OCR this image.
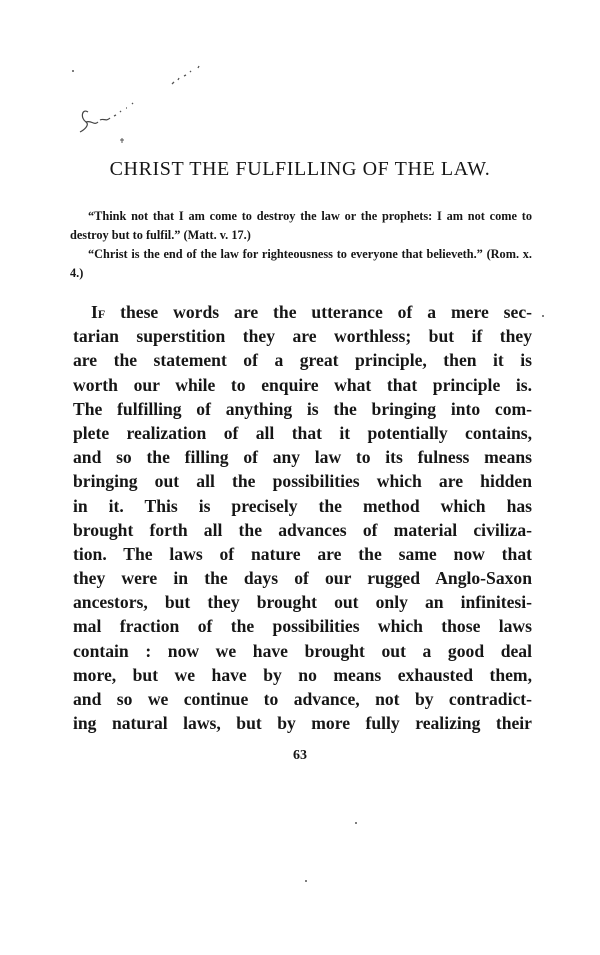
CHRIST THE FULFILLING OF THE LAW.

“Think not that I am come to destroy the law or the prophets: I am not come to destroy but to fulfil.” (Matt. v. 17.)

“Christ is the end of the law for righteousness to everyone that believeth.” (Rom. x. 4.)

If these words are the utterance of a mere sec-
tarian superstition they are worthless; but if they
are the statement of a great principle, then it is
worth our while to enquire what that principle is.
The fulfilling of anything is the bringing into com-
plete realization of all that it potentially contains,
and so the filling of any law to its fulness means
bringing out all the possibilities which are hidden
in it. This is precisely the method which has
brought forth all the advances of material civiliza-
tion. The laws of nature are the same now that
they were in the days of our rugged Anglo-Saxon
ancestors, but they brought out only an infinitesi-
mal fraction of the possibilities which those laws
contain : now we have brought out a good deal
more, but we have by no means exhausted them,
and so we continue to advance, not by contradict-
ing natural laws, but by more fully realizing their
63
